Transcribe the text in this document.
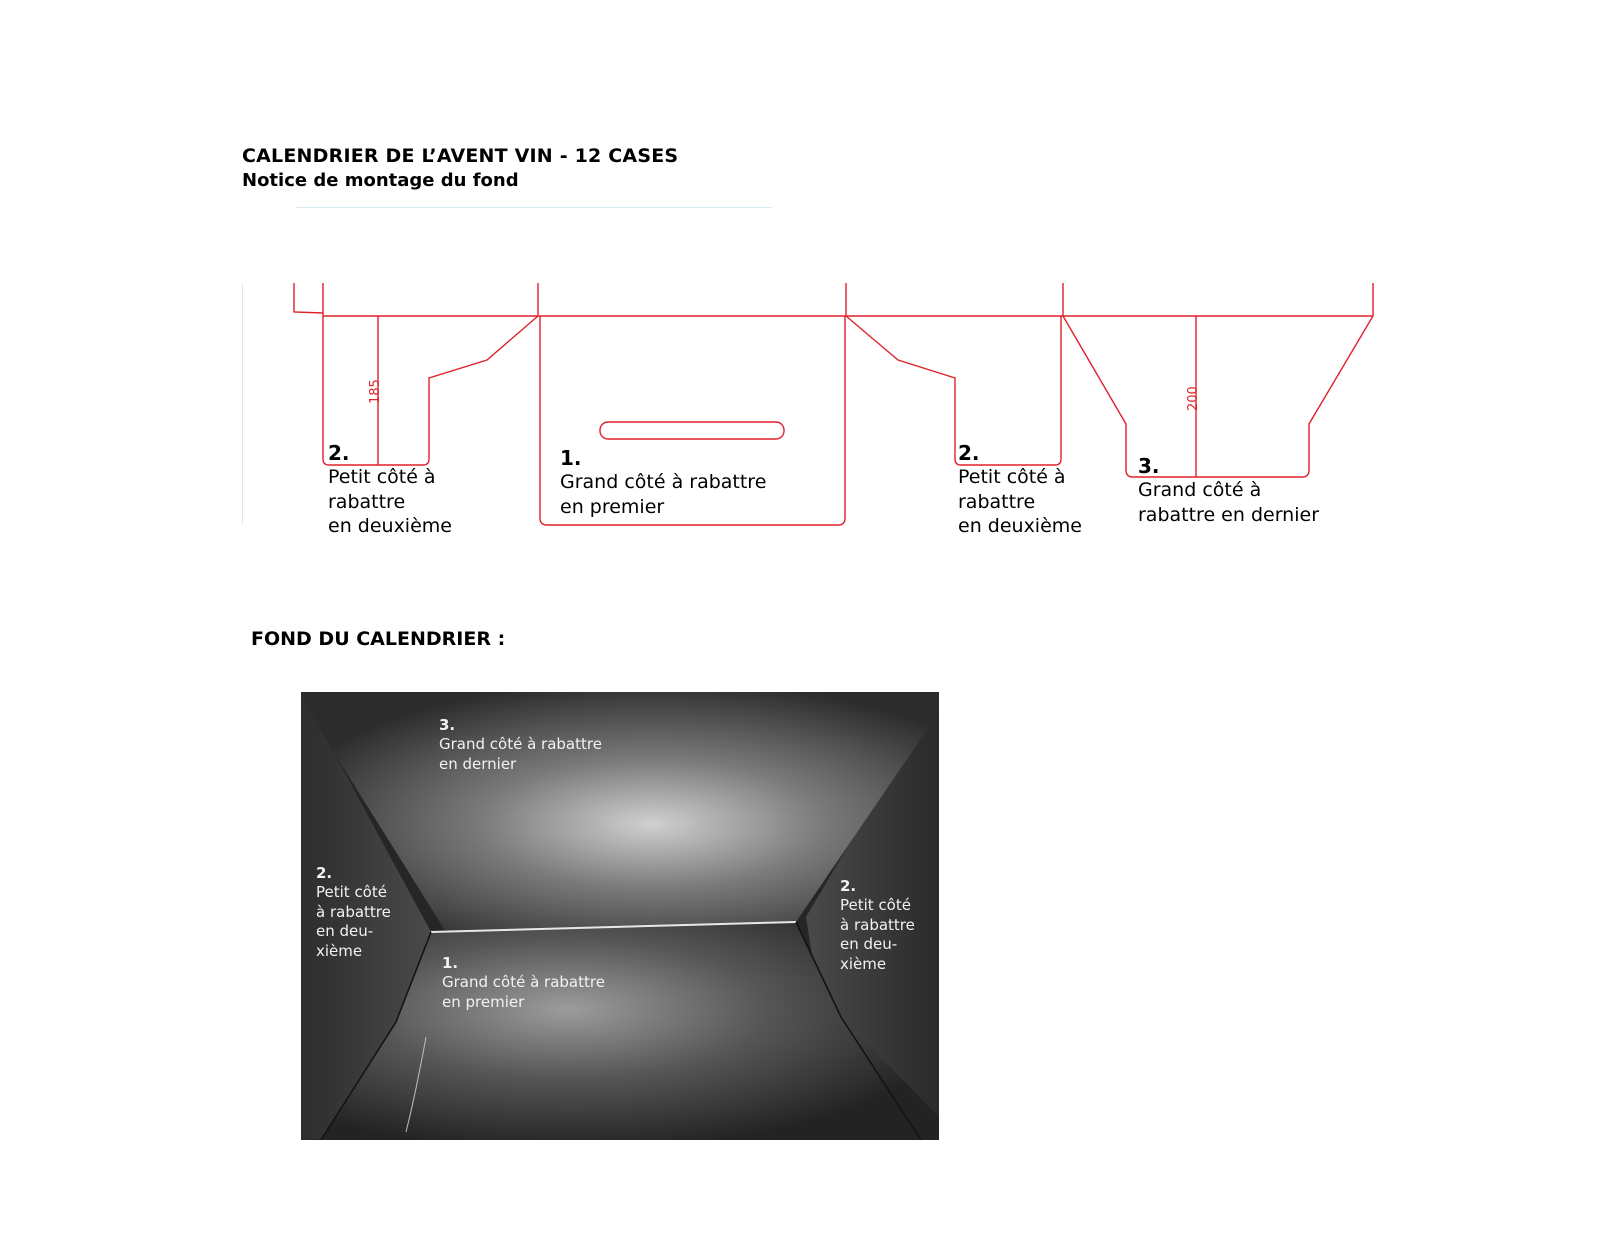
CALENDRIER DE L’AVENT VIN - 12 CASES
Notice de montage du fond
185	200
2.
Petit côté à
rabattre
en deuxième
1.
Grand côté à rabattre
en premier
2.
Petit côté à
rabattre
en deuxième
3.
Grand côté à
rabattre en dernier
FOND DU CALENDRIER :
3.
Grand côté à rabattre
en dernier
2.
Petit côté
à rabattre
en deu-
xième
2.
Petit côté
à rabattre
en deu-
xième
1.
Grand côté à rabattre
en premier
